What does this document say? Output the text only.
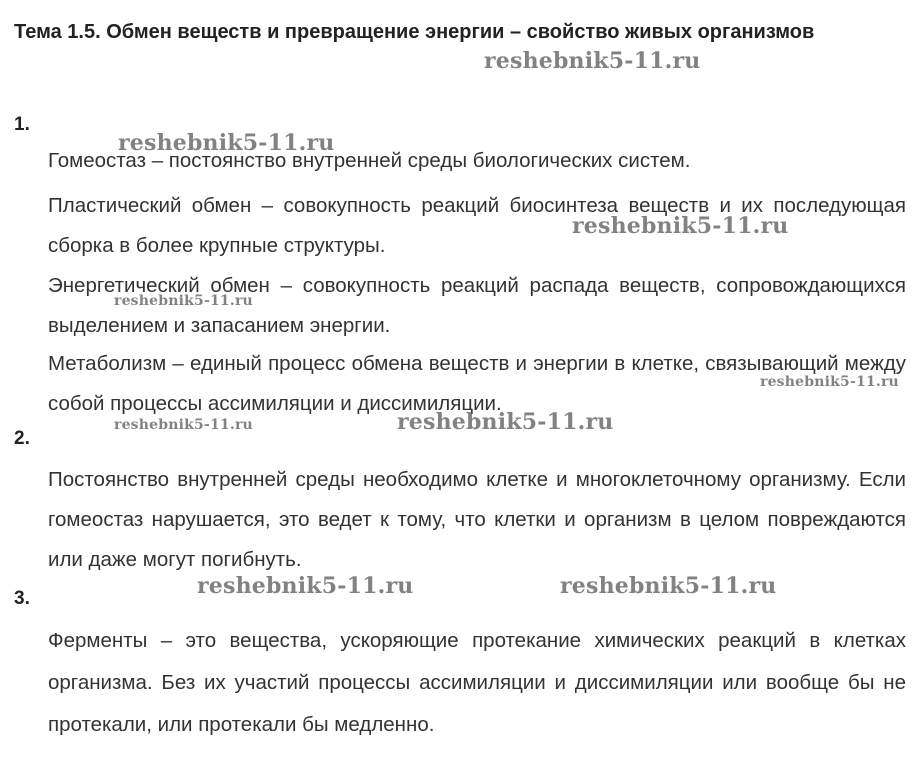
Тема 1.5. Обмен веществ и превращение энергии – свойство живых организмов
1.
Гомеостаз – постоянство внутренней среды биологических систем.
Пластический обмен – совокупность реакций биосинтеза веществ и их последующая сборка в более крупные структуры.
Энергетический обмен – совокупность реакций распада веществ, сопровождающихся выделением и запасанием энергии.
Метаболизм – единый процесс обмена веществ и энергии в клетке, связывающий между собой процессы ассимиляции и диссимиляции.
2.
Постоянство внутренней среды необходимо клетке и многоклеточному организму. Если гомеостаз нарушается, это ведет к тому, что клетки и организм в целом повреждаются или даже могут погибнуть.
3.
Ферменты – это вещества, ускоряющие протекание химических реакций в клетках организма. Без их участий процессы ассимиляции и диссимиляции или вообще бы не протекали, или протекали бы медленно.
reshebnik5-11.ru
reshebnik5-11.ru
reshebnik5-11.ru
reshebnik5-11.ru
reshebnik5-11.ru
reshebnik5-11.ru	reshebnik5-11.ru
reshebnik5-11.ru	reshebnik5-11.ru
